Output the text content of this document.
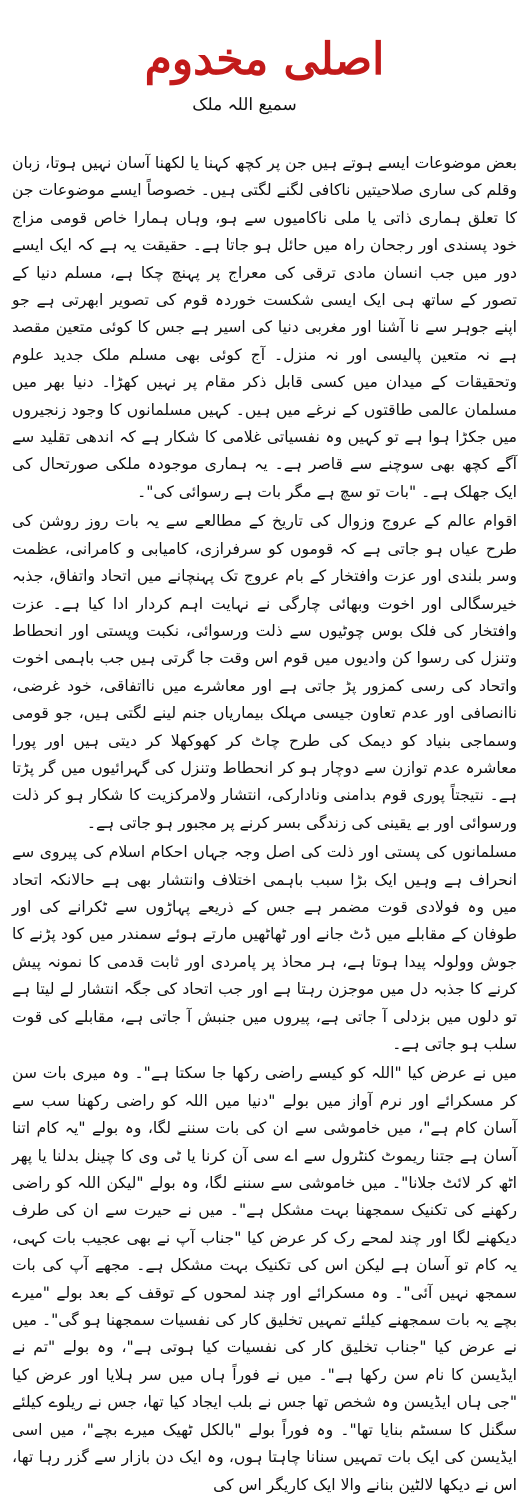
اصلی مخدوم
سمیع اللہ ملک

بعض موضوعات ایسے ہوتے ہیں جن پر کچھ کہنا یا لکھنا آسان نہیں ہوتا، زبان وقلم کی ساری صلاحیتیں ناکافی لگنے لگتی ہیں۔ خصوصاً ایسے موضوعات جن کا تعلق ہماری ذاتی یا ملی ناکامیوں سے ہو، وہاں ہمارا خاص قومی مزاج خود پسندی اور رجحان راہ میں حائل ہو جاتا ہے۔ حقیقت یہ ہے کہ ایک ایسے دور میں جب انسان مادی ترقی کی معراج پر پہنچ چکا ہے، مسلم دنیا کے تصور کے ساتھ ہی ایک ایسی شکست خوردہ قوم کی تصویر ابھرتی ہے جو اپنے جوہر سے نا آشنا اور مغربی دنیا کی اسیر ہے جس کا کوئی متعین مقصد ہے نہ متعین پالیسی اور نہ منزل۔ آج کوئی بھی مسلم ملک جدید علوم وتحقیقات کے میدان میں کسی قابل ذکر مقام پر نہیں کھڑا۔ دنیا بھر میں مسلمان عالمی طاقتوں کے نرغے میں ہیں۔ کہیں مسلمانوں کا وجود زنجیروں میں جکڑا ہوا ہے تو کہیں وہ نفسیاتی غلامی کا شکار ہے کہ اندھی تقلید سے آگے کچھ بھی سوچنے سے قاصر ہے۔ یہ ہماری موجودہ ملکی صورتحال کی ایک جھلک ہے۔ "بات تو سچ ہے مگر بات ہے رسوائی کی"۔

اقوام عالم کے عروج وزوال کی تاریخ کے مطالعے سے یہ بات روز روشن کی طرح عیاں ہو جاتی ہے کہ قوموں کو سرفرازی، کامیابی و کامرانی، عظمت وسر بلندی اور عزت وافتخار کے بام عروج تک پہنچانے میں اتحاد واتفاق، جذبہ خیرسگالی اور اخوت وبھائی چارگی نے نہایت اہم کردار ادا کیا ہے۔ عزت وافتخار کی فلک بوس چوٹیوں سے ذلت ورسوائی، نکبت وپستی اور انحطاط وتنزل کی رسوا کن وادیوں میں قوم اس وقت جا گرتی ہیں جب باہمی اخوت واتحاد کی رسی کمزور پڑ جاتی ہے اور معاشرے میں نااتفاقی، خود غرضی، ناانصافی اور عدم تعاون جیسی مہلک بیماریاں جنم لینے لگتی ہیں، جو قومی وسماجی بنیاد کو دیمک کی طرح چاٹ کر کھوکھلا کر دیتی ہیں اور پورا معاشرہ عدم توازن سے دوچار ہو کر انحطاط وتنزل کی گہرائیوں میں گر پڑتا ہے۔ نتیجتاً پوری قوم بدامنی ونادارکی، انتشار ولامرکزیت کا شکار ہو کر ذلت ورسوائی اور بے یقینی کی زندگی بسر کرنے پر مجبور ہو جاتی ہے۔

مسلمانوں کی پستی اور ذلت کی اصل وجہ جہاں احکام اسلام کی پیروی سے انحراف ہے وہیں ایک بڑا سبب باہمی اختلاف وانتشار بھی ہے حالانکہ اتحاد میں وہ فولادی قوت مضمر ہے جس کے ذریعے پہاڑوں سے ٹکرانے کی اور طوفان کے مقابلے میں ڈٹ جانے اور ٹھاٹھیں مارتے ہوئے سمندر میں کود پڑنے کا جوش وولولہ پیدا ہوتا ہے، ہر محاذ پر پامردی اور ثابت قدمی کا نمونہ پیش کرنے کا جذبہ دل میں موجزن رہتا ہے اور جب اتحاد کی جگہ انتشار لے لیتا ہے تو دلوں میں بزدلی آ جاتی ہے، پیروں میں جنبش آ جاتی ہے، مقابلے کی قوت سلب ہو جاتی ہے۔

میں نے عرض کیا "اللہ کو کیسے راضی رکھا جا سکتا ہے"۔ وہ میری بات سن کر مسکرائے اور نرم آواز میں بولے "دنیا میں اللہ کو راضی رکھنا سب سے آسان کام ہے"، میں خاموشی سے ان کی بات سننے لگا، وہ بولے "یہ کام اتنا آسان ہے جتنا ریموٹ کنٹرول سے اے سی آن کرنا یا ٹی وی کا چینل بدلنا یا پھر اٹھ کر لائٹ جلانا"۔ میں خاموشی سے سننے لگا، وہ بولے "لیکن اللہ کو راضی رکھنے کی تکنیک سمجھنا بہت مشکل ہے"۔ میں نے حیرت سے ان کی طرف دیکھنے لگا اور چند لمحے رک کر عرض کیا "جناب آپ نے بھی عجیب بات کہی، یہ کام تو آسان ہے لیکن اس کی تکنیک بہت مشکل ہے۔ مجھے آپ کی بات سمجھ نہیں آئی"۔ وہ مسکرائے اور چند لمحوں کے توقف کے بعد بولے "میرے بچے یہ بات سمجھنے کیلئے تمہیں تخلیق کار کی نفسیات سمجھنا ہو گی"۔ میں نے عرض کیا "جناب تخلیق کار کی نفسیات کیا ہوتی ہے"، وہ بولے "تم نے ایڈیسن کا نام سن رکھا ہے"۔ میں نے فوراً ہاں میں سر ہلایا اور عرض کیا "جی ہاں ایڈیسن وہ شخص تھا جس نے بلب ایجاد کیا تھا، جس نے ریلوے کیلئے سگنل کا سسٹم بنایا تھا"۔ وہ فوراً بولے "بالکل ٹھیک میرے بچے"، میں اسی ایڈیسن کی ایک بات تمہیں سنانا چاہتا ہوں، وہ ایک دن بازار سے گزر رہا تھا، اس نے دیکھا لالٹین بنانے والا ایک کاریگر اس کی
